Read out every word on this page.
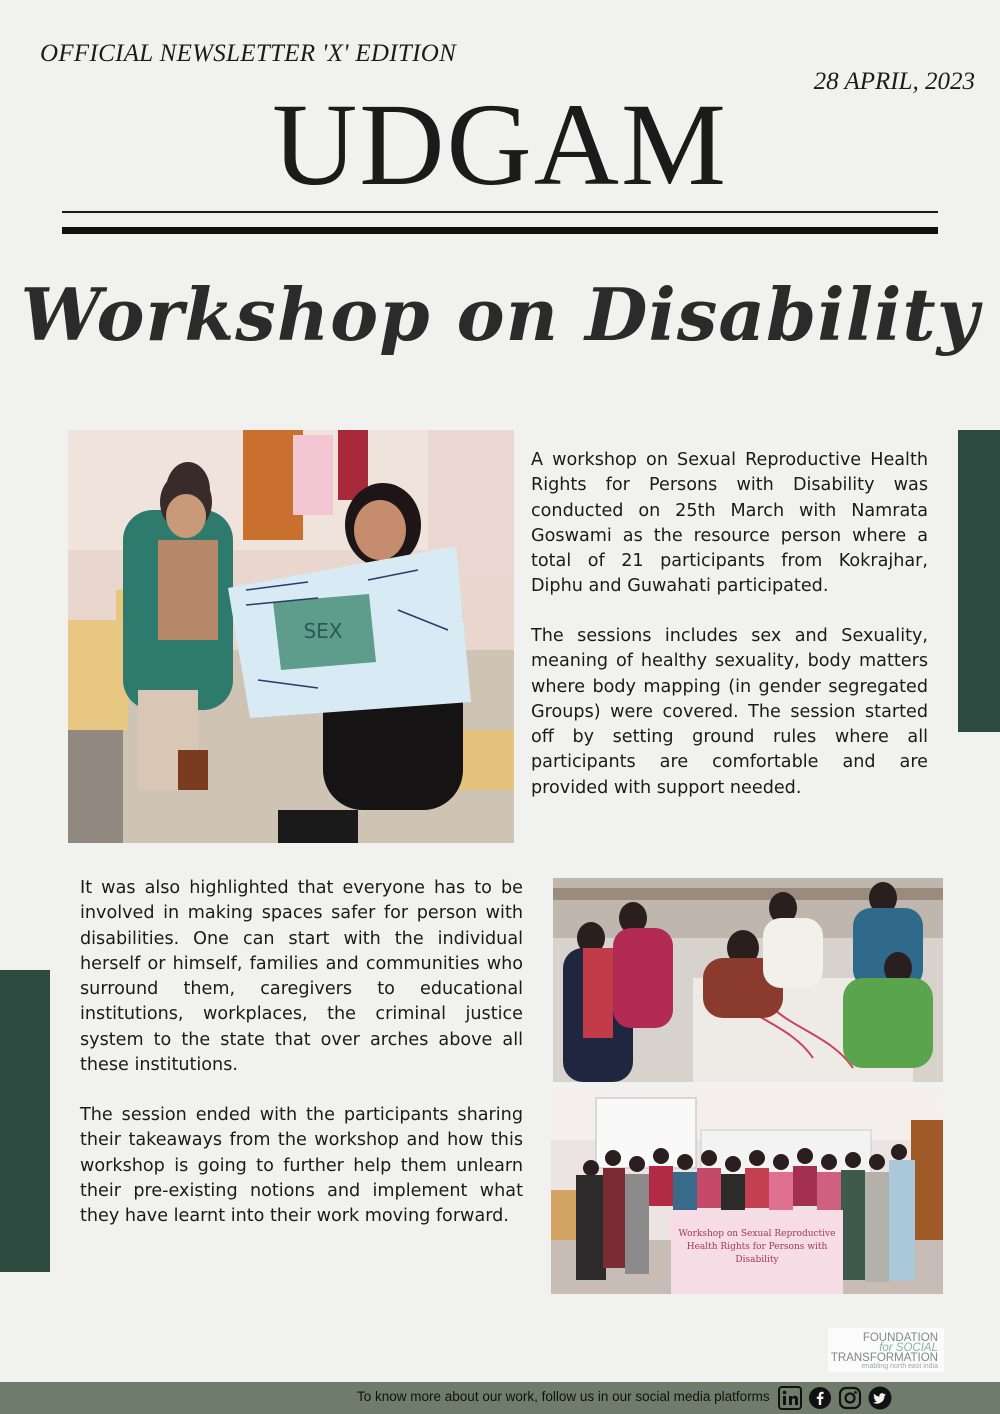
OFFICIAL NEWSLETTER 'X' EDITION
28 APRIL, 2023
UDGAM
Workshop on Disability
SEX
Workshop on Sexual Reproductive
Health Rights for Persons with
Disability

A workshop on Sexual Reproductive Health Rights for Persons with Disability was conducted on 25th March with Namrata Goswami as the resource person where a total of 21 participants from Kokrajhar, Diphu and Guwahati participated.

The sessions includes sex and Sexuality, meaning of healthy sexuality, body matters where body mapping (in gender segregated Groups) were covered. The session started off by setting ground rules where all participants are comfortable and are provided with support needed.

It was also highlighted that everyone has to be involved in making spaces safer for person with disabilities. One can start with the individual herself or himself, families and communities who surround them, caregivers to educational institutions, workplaces, the criminal justice system to the state that over arches above all these institutions.

The session ended with the participants sharing their takeaways from the workshop and how this workshop is going to further help them unlearn their pre-existing notions and implement what they have learnt into their work moving forward.

FOUNDATION
for SOCIAL
TRANSFORMATION
enabling north east india
To know more about our work, follow us in our social media platforms
